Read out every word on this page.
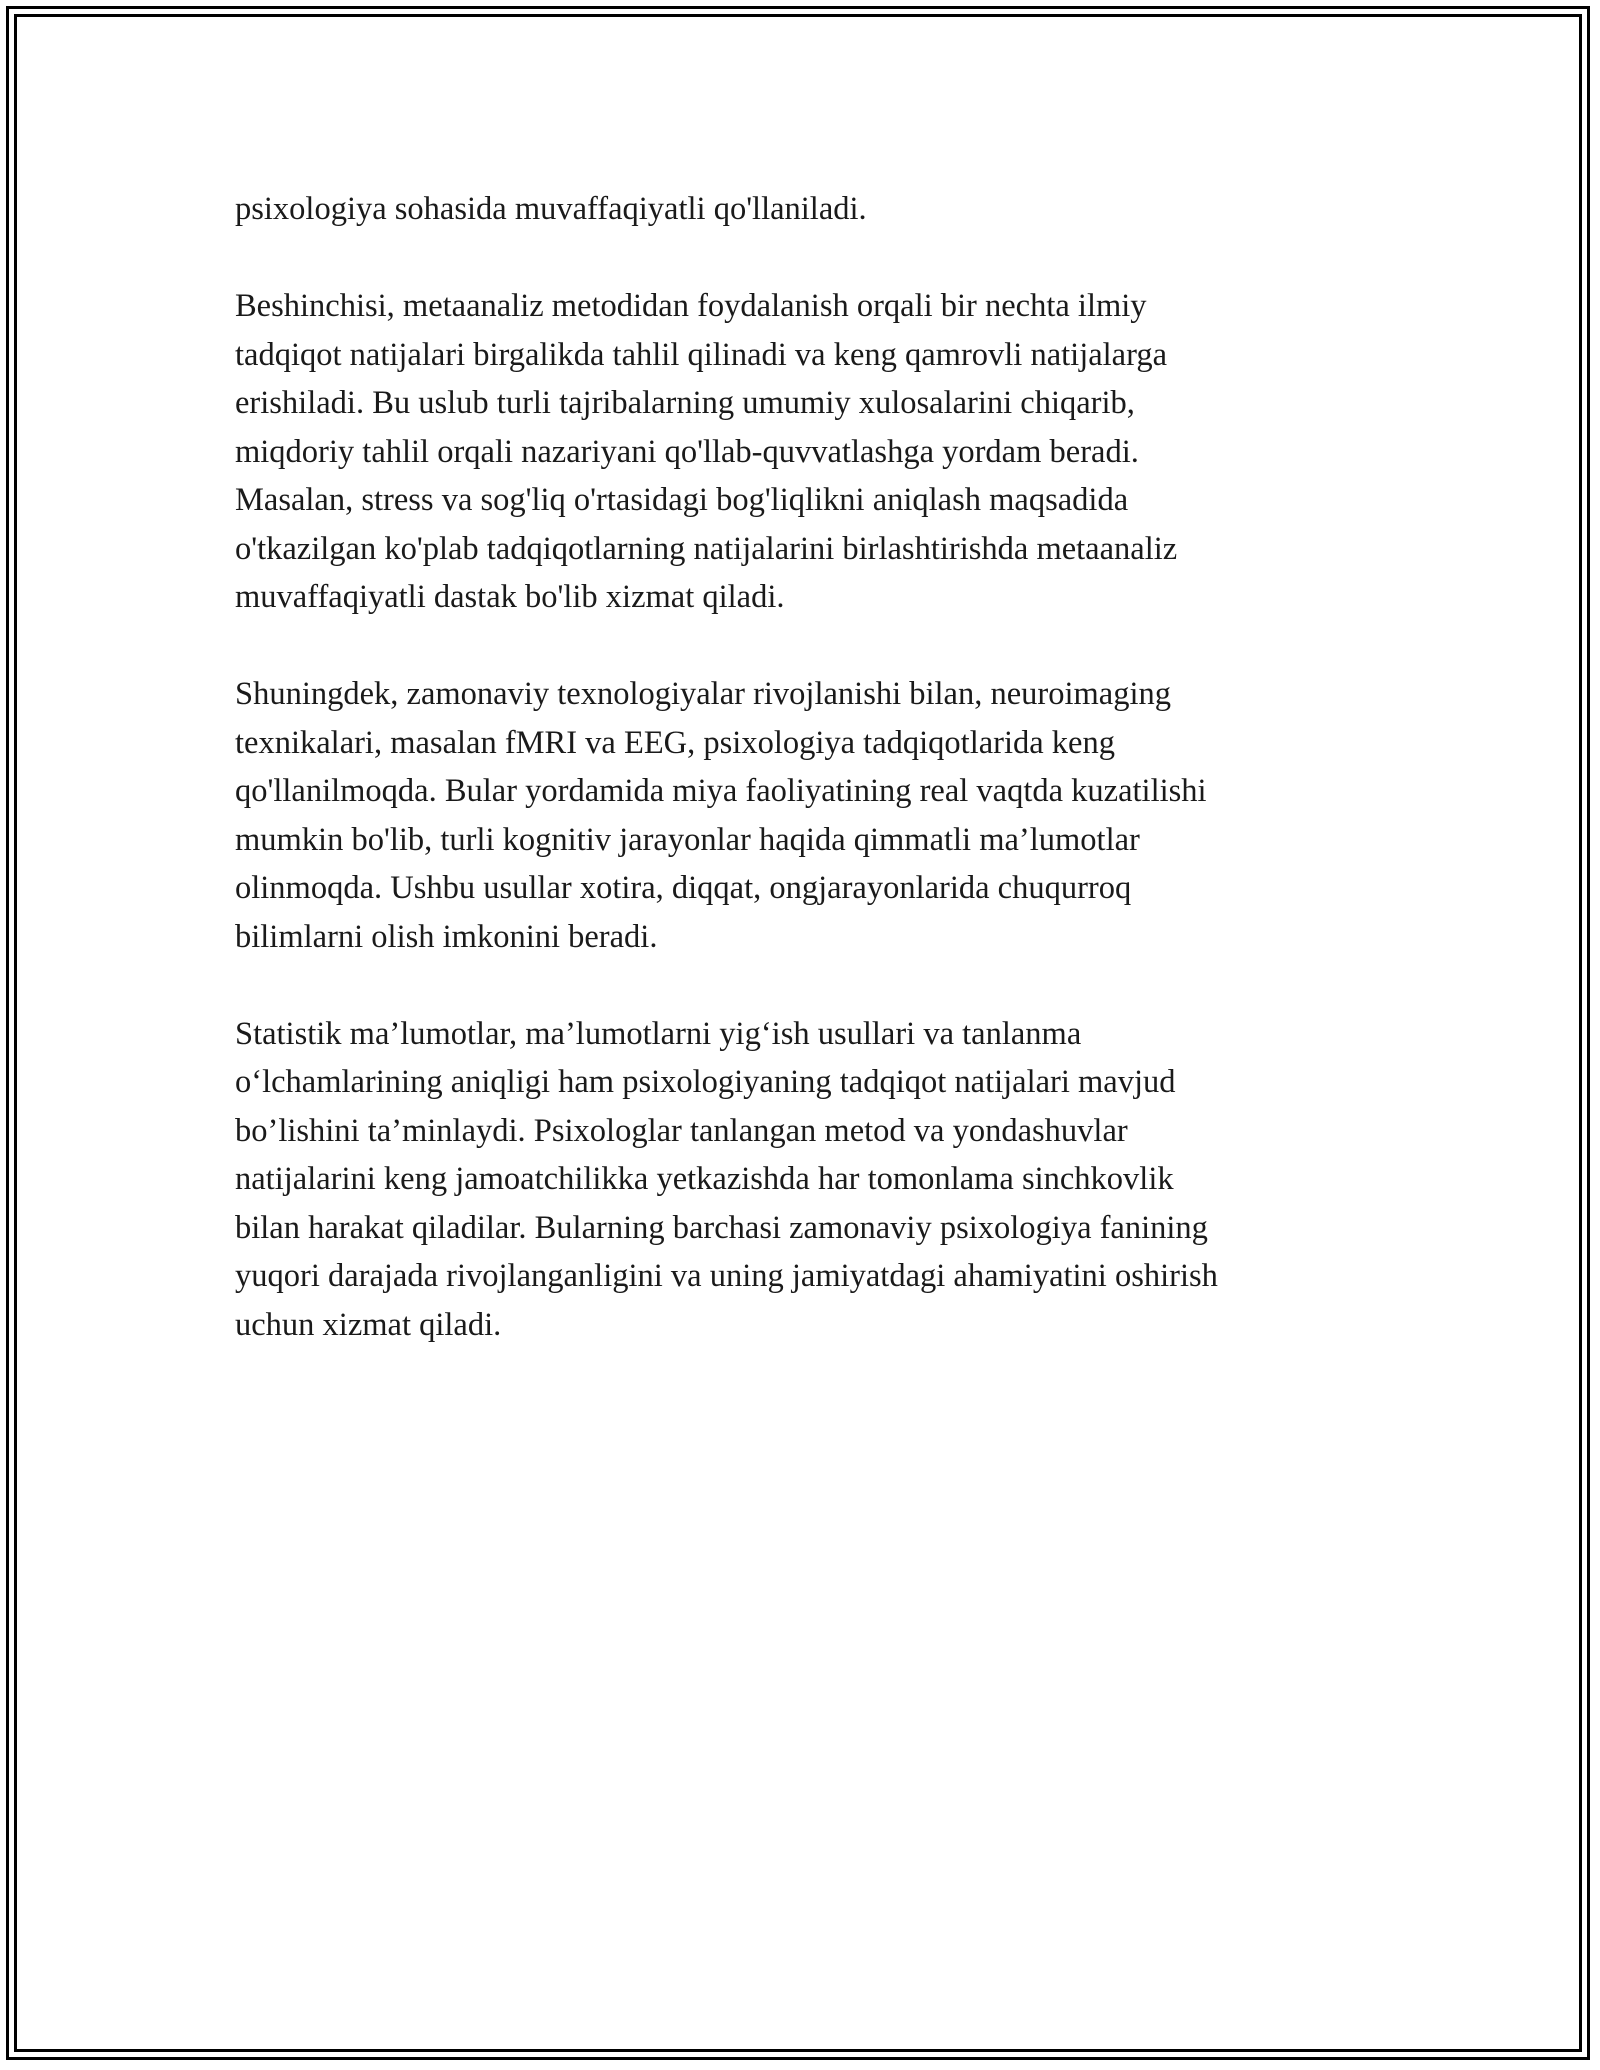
psixologiya sohasida muvaffaqiyatli qo'llaniladi.

Beshinchisi, metaanaliz metodidan foydalanish orqali bir nechta ilmiy
tadqiqot natijalari birgalikda tahlil qilinadi va keng qamrovli natijalarga
erishiladi. Bu uslub turli tajribalarning umumiy xulosalarini chiqarib,
miqdoriy tahlil orqali nazariyani qo'llab-quvvatlashga yordam beradi.
Masalan, stress va sog'liq o'rtasidagi bog'liqlikni aniqlash maqsadida
o'tkazilgan ko'plab tadqiqotlarning natijalarini birlashtirishda metaanaliz
muvaffaqiyatli dastak bo'lib xizmat qiladi.

Shuningdek, zamonaviy texnologiyalar rivojlanishi bilan, neuroimaging
texnikalari, masalan fMRI va EEG, psixologiya tadqiqotlarida keng
qo'llanilmoqda. Bular yordamida miya faoliyatining real vaqtda kuzatilishi
mumkin bo'lib, turli kognitiv jarayonlar haqida qimmatli ma’lumotlar
olinmoqda. Ushbu usullar xotira, diqqat, ongjarayonlarida chuqurroq
bilimlarni olish imkonini beradi.

Statistik ma’lumotlar, ma’lumotlarni yig‘ish usullari va tanlanma
o‘lchamlarining aniqligi ham psixologiyaning tadqiqot natijalari mavjud
bo’lishini ta’minlaydi. Psixologlar tanlangan metod va yondashuvlar
natijalarini keng jamoatchilikka yetkazishda har tomonlama sinchkovlik
bilan harakat qiladilar. Bularning barchasi zamonaviy psixologiya fanining
yuqori darajada rivojlanganligini va uning jamiyatdagi ahamiyatini oshirish
uchun xizmat qiladi.
